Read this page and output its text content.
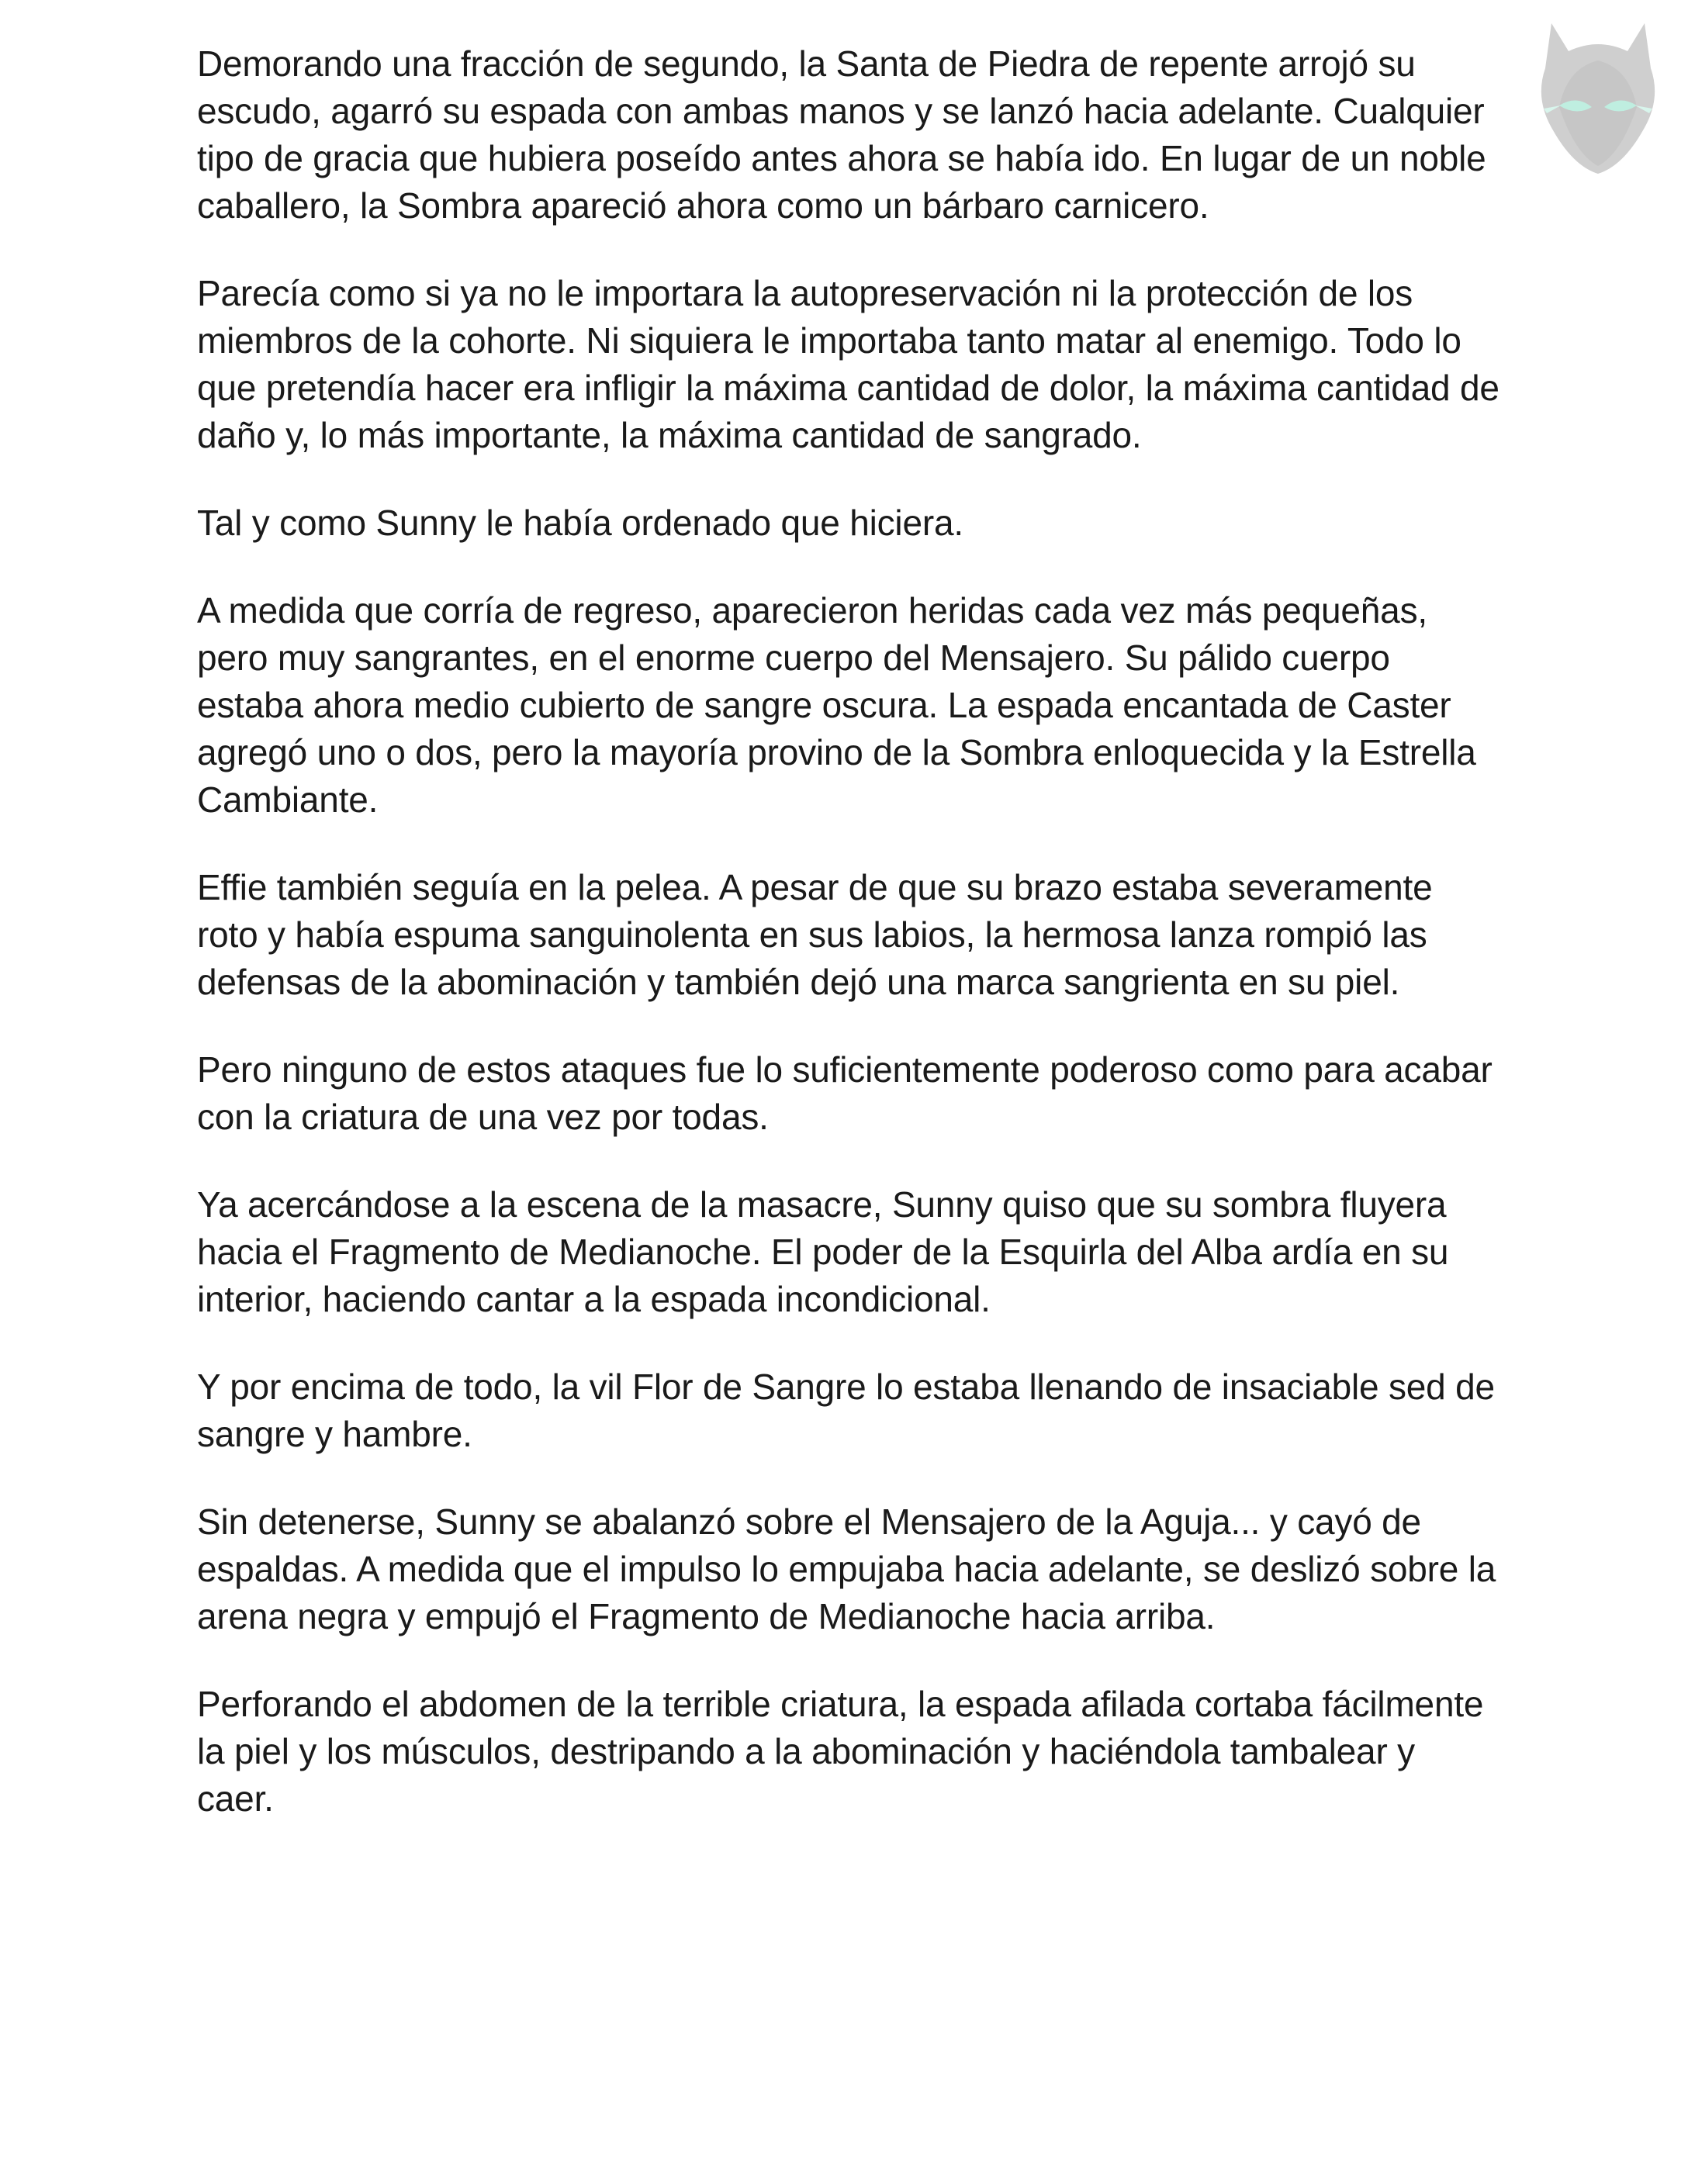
Demorando una fracción de segundo, la Santa de Piedra de repente arrojó su escudo, agarró su espada con ambas manos y se lanzó hacia adelante. Cualquier tipo de gracia que hubiera poseído antes ahora se había ido. En lugar de un noble caballero, la Sombra apareció ahora como un bárbaro carnicero.

Parecía como si ya no le importara la autopreservación ni la protección de los miembros de la cohorte. Ni siquiera le importaba tanto matar al enemigo. Todo lo que pretendía hacer era infligir la máxima cantidad de dolor, la máxima cantidad de daño y, lo más importante, la máxima cantidad de sangrado.

Tal y como Sunny le había ordenado que hiciera.

A medida que corría de regreso, aparecieron heridas cada vez más pequeñas, pero muy sangrantes, en el enorme cuerpo del Mensajero. Su pálido cuerpo estaba ahora medio cubierto de sangre oscura. La espada encantada de Caster agregó uno o dos, pero la mayoría provino de la Sombra enloquecida y la Estrella Cambiante.

Effie también seguía en la pelea. A pesar de que su brazo estaba severamente roto y había espuma sanguinolenta en sus labios, la hermosa lanza rompió las defensas de la abominación y también dejó una marca sangrienta en su piel.

Pero ninguno de estos ataques fue lo suficientemente poderoso como para acabar con la criatura de una vez por todas.

Ya acercándose a la escena de la masacre, Sunny quiso que su sombra fluyera hacia el Fragmento de Medianoche. El poder de la Esquirla del Alba ardía en su interior, haciendo cantar a la espada incondicional.

Y por encima de todo, la vil Flor de Sangre lo estaba llenando de insaciable sed de sangre y hambre.

Sin detenerse, Sunny se abalanzó sobre el Mensajero de la Aguja... y cayó de espaldas. A medida que el impulso lo empujaba hacia adelante, se deslizó sobre la arena negra y empujó el Fragmento de Medianoche hacia arriba.

Perforando el abdomen de la terrible criatura, la espada afilada cortaba fácilmente la piel y los músculos, destripando a la abominación y haciéndola tambalear y caer.
